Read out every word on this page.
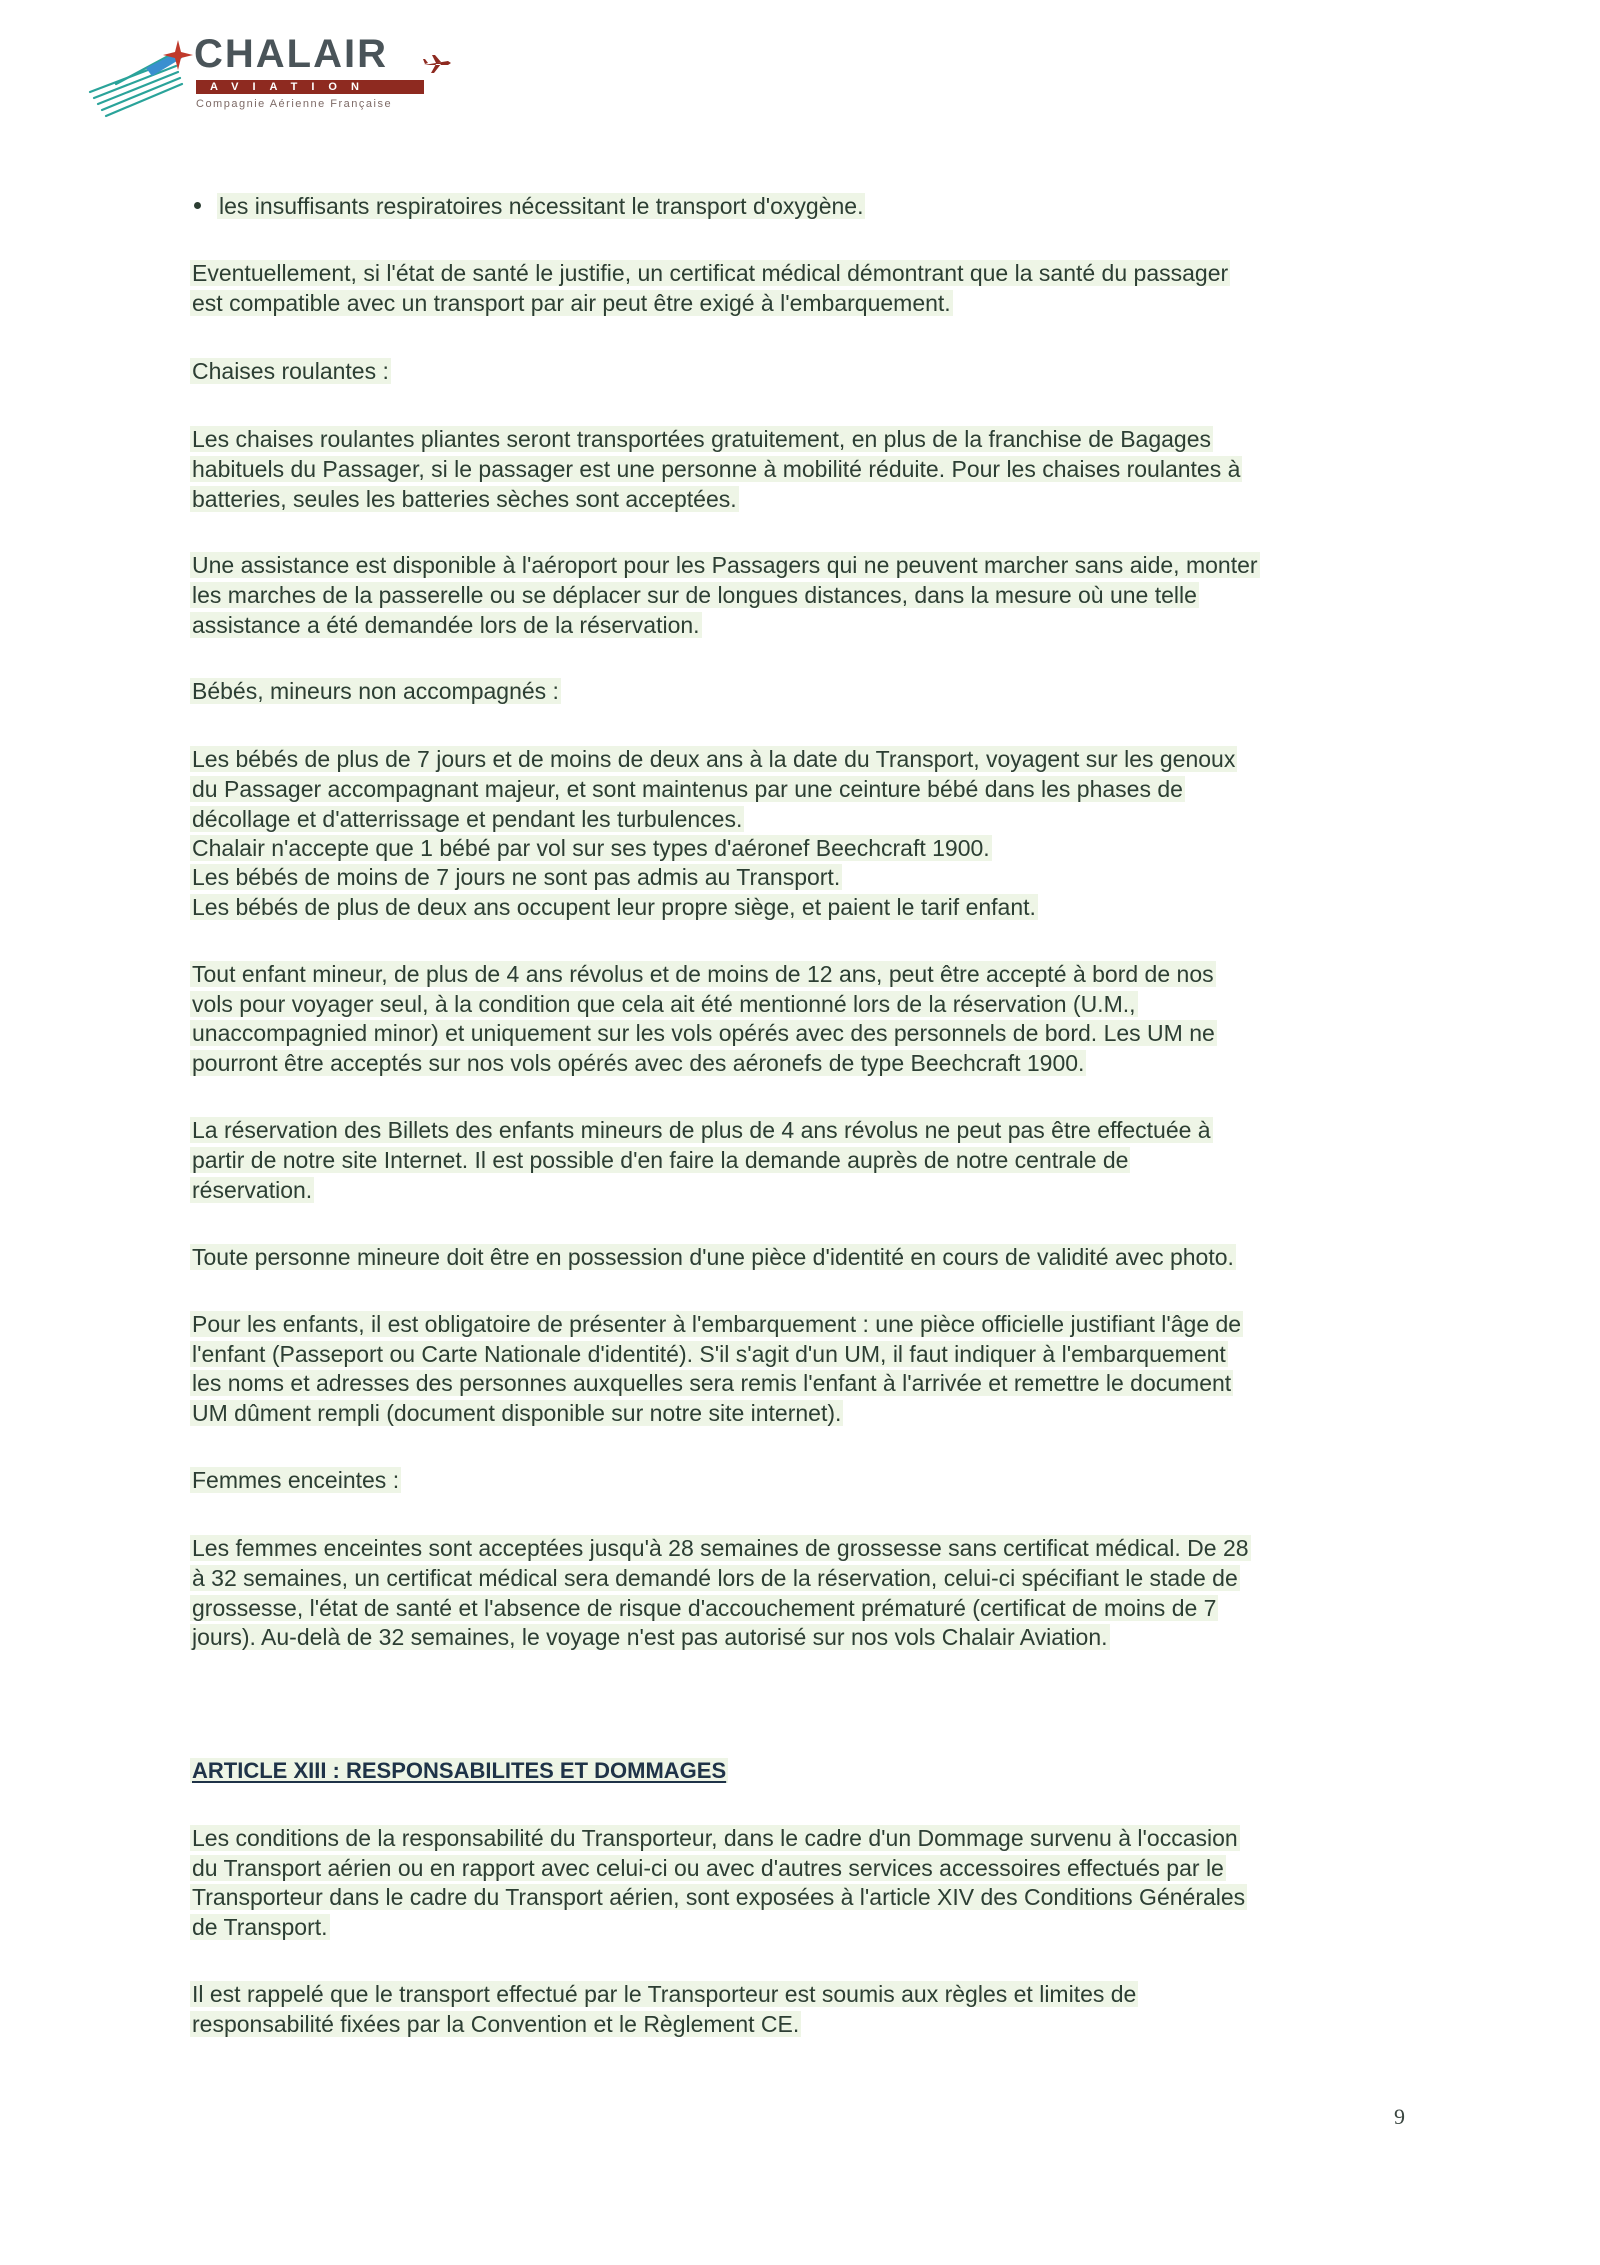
CHALAIR
AVIATION
Compagnie Aérienne Française
les insuffisants respiratoires nécessitant le transport d'oxygène.
Eventuellement, si l'état de santé le justifie, un certificat médical démontrant que la santé du passager
est compatible avec un transport par air peut être exigé à l'embarquement.
Chaises roulantes :
Les chaises roulantes pliantes seront transportées gratuitement, en plus de la franchise de Bagages
habituels du Passager, si le passager est une personne à mobilité réduite. Pour les chaises roulantes à
batteries, seules les batteries sèches sont acceptées.
Une assistance est disponible à l'aéroport pour les Passagers qui ne peuvent marcher sans aide, monter
les marches de la passerelle ou se déplacer sur de longues distances, dans la mesure où une telle
assistance a été demandée lors de la réservation.
Bébés, mineurs non accompagnés :
Les bébés de plus de 7 jours et de moins de deux ans à la date du Transport, voyagent sur les genoux
du Passager accompagnant majeur, et sont maintenus par une ceinture bébé dans les phases de
décollage et d'atterrissage et pendant les turbulences.
Chalair n'accepte que 1 bébé par vol sur ses types d'aéronef Beechcraft 1900.
Les bébés de moins de 7 jours ne sont pas admis au Transport.
Les bébés de plus de deux ans occupent leur propre siège, et paient le tarif enfant.
Tout enfant mineur, de plus de 4 ans révolus et de moins de 12 ans, peut être accepté à bord de nos
vols pour voyager seul, à la condition que cela ait été mentionné lors de la réservation (U.M.,
unaccompagnied minor) et uniquement sur les vols opérés avec des personnels de bord. Les UM ne
pourront être acceptés sur nos vols opérés avec des aéronefs de type Beechcraft 1900.
La réservation des Billets des enfants mineurs de plus de 4 ans révolus ne peut pas être effectuée à
partir de notre site Internet. Il est possible d'en faire la demande auprès de notre centrale de
réservation.
Toute personne mineure doit être en possession d'une pièce d'identité en cours de validité avec photo.
Pour les enfants, il est obligatoire de présenter à l'embarquement : une pièce officielle justifiant l'âge de
l'enfant (Passeport ou Carte Nationale d'identité). S'il s'agit d'un UM, il faut indiquer à l'embarquement
les noms et adresses des personnes auxquelles sera remis l'enfant à l'arrivée et remettre le document
UM dûment rempli (document disponible sur notre site internet).
Femmes enceintes :
Les femmes enceintes sont acceptées jusqu'à 28 semaines de grossesse sans certificat médical. De 28
à 32 semaines, un certificat médical sera demandé lors de la réservation, celui-ci spécifiant le stade de
grossesse, l'état de santé et l'absence de risque d'accouchement prématuré (certificat de moins de 7
jours). Au-delà de 32 semaines, le voyage n'est pas autorisé sur nos vols Chalair Aviation.
ARTICLE XIII : RESPONSABILITES ET DOMMAGES
Les conditions de la responsabilité du Transporteur, dans le cadre d'un Dommage survenu à l'occasion
du Transport aérien ou en rapport avec celui-ci ou avec d'autres services accessoires effectués par le
Transporteur dans le cadre du Transport aérien, sont exposées à l'article XIV des Conditions Générales
de Transport.
Il est rappelé que le transport effectué par le Transporteur est soumis aux règles et limites de
responsabilité fixées par la Convention et le Règlement CE.
9
